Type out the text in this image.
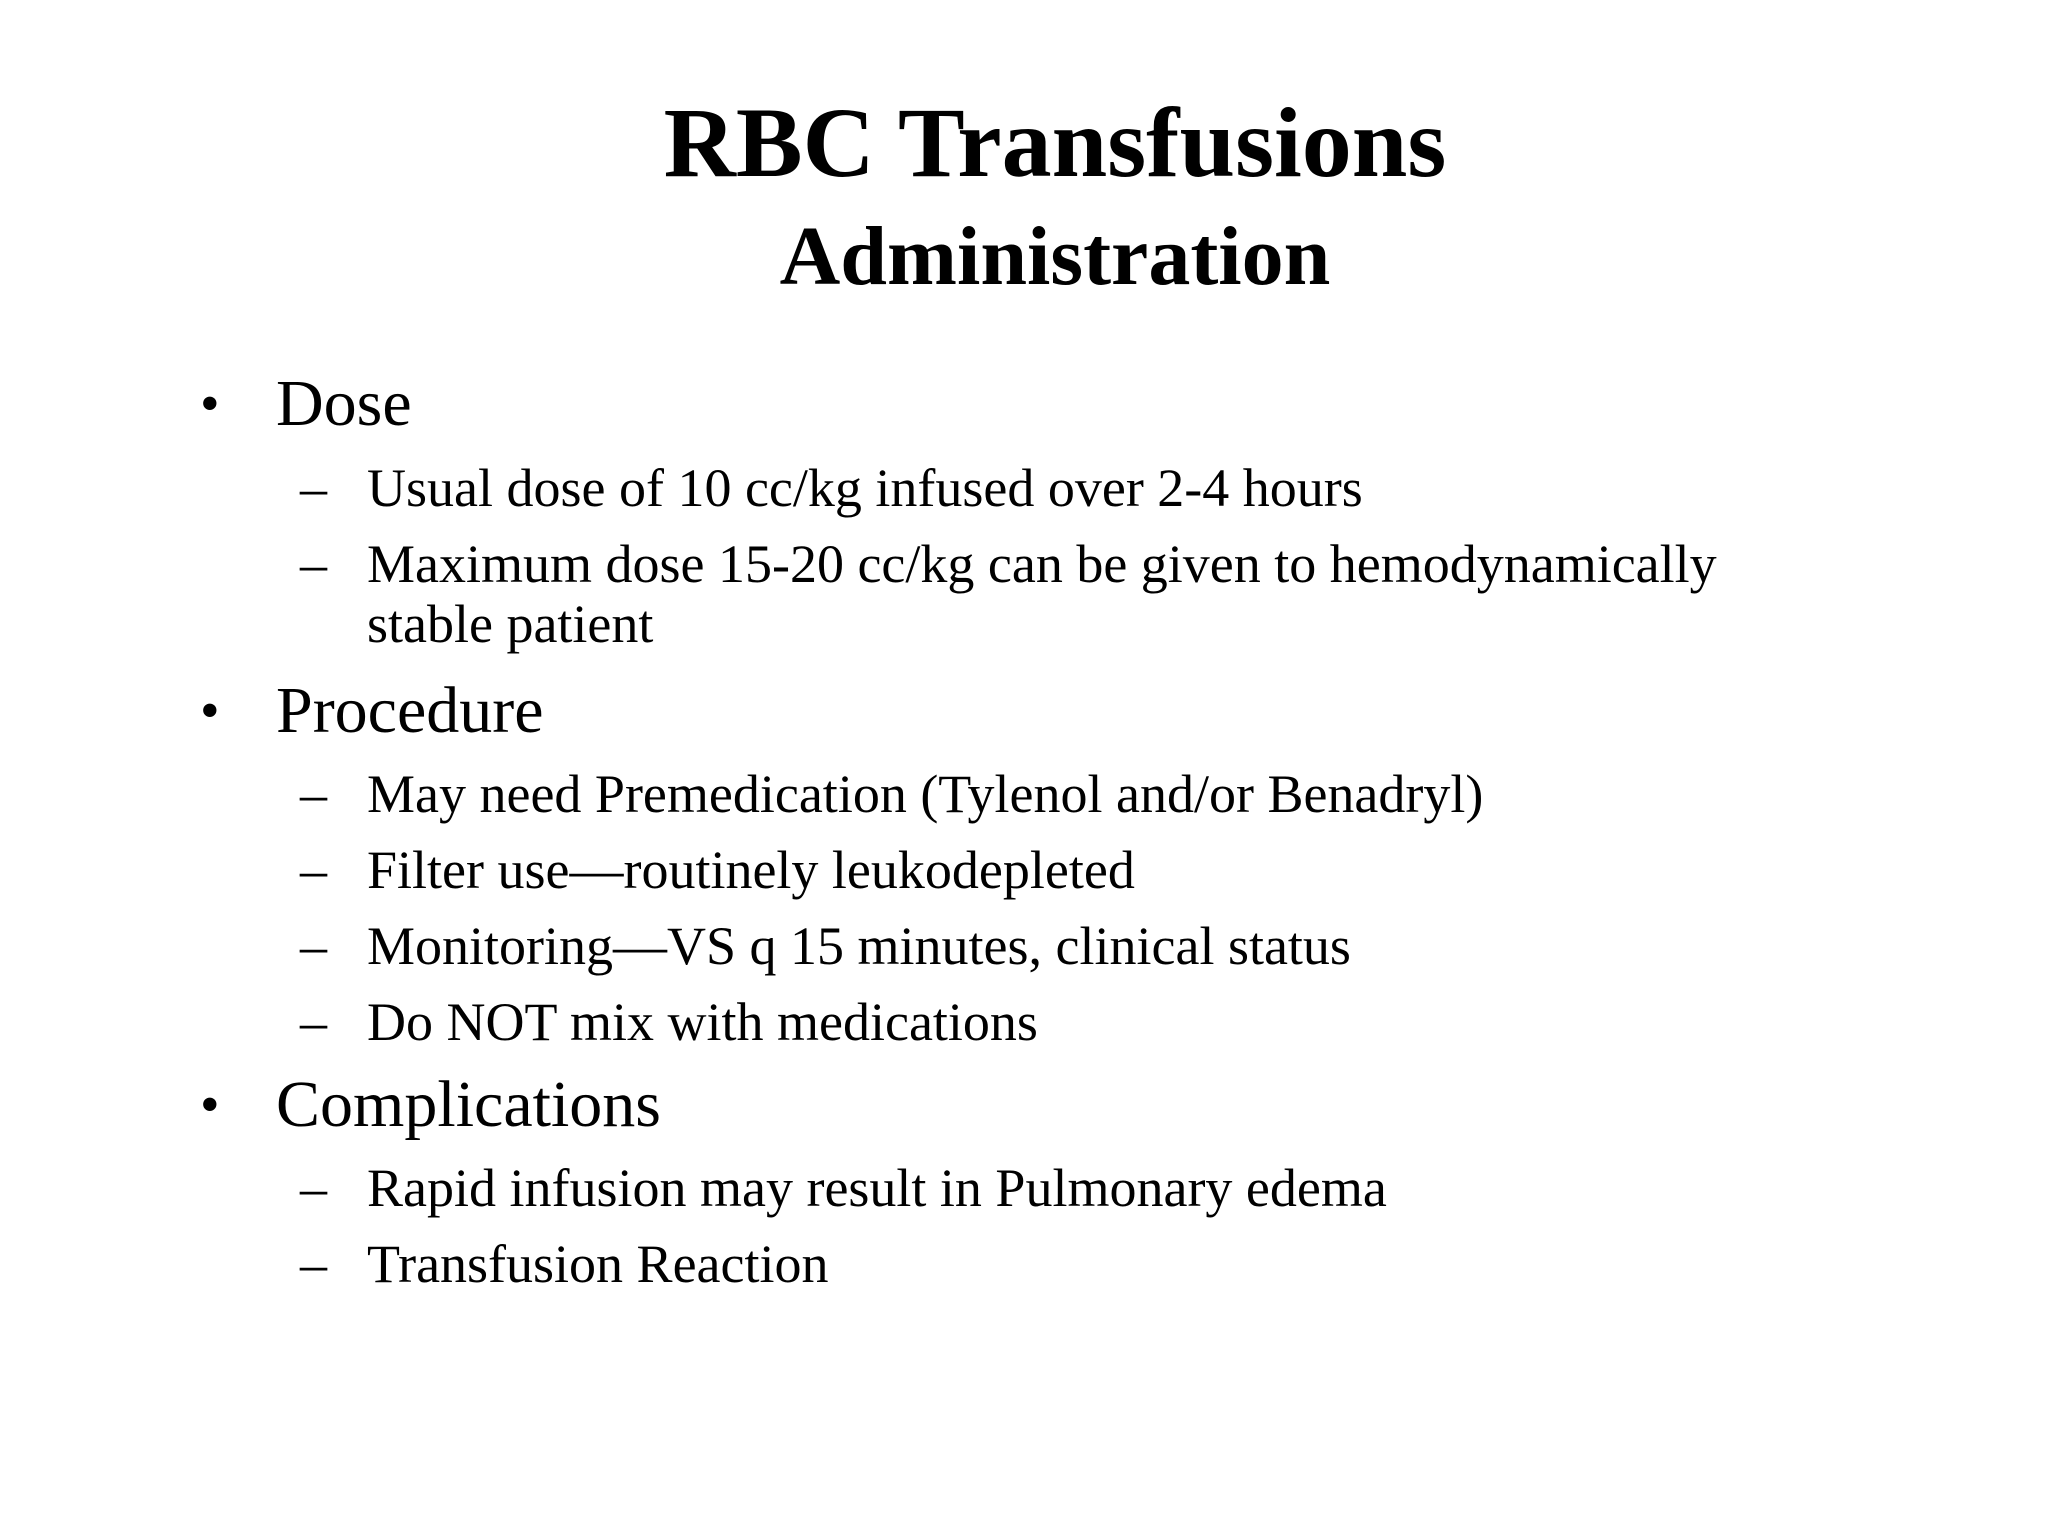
RBC Transfusions
Administration
• Dose
– Usual dose of 10 cc/kg infused over 2-4 hours
– Maximum dose 15-20 cc/kg can be given to hemodynamically stable patient
• Procedure
– May need Premedication (Tylenol and/or Benadryl)
– Filter use—routinely leukodepleted
– Monitoring—VS q 15 minutes, clinical status
– Do NOT mix with medications
• Complications
– Rapid infusion may result in Pulmonary edema
– Transfusion Reaction
